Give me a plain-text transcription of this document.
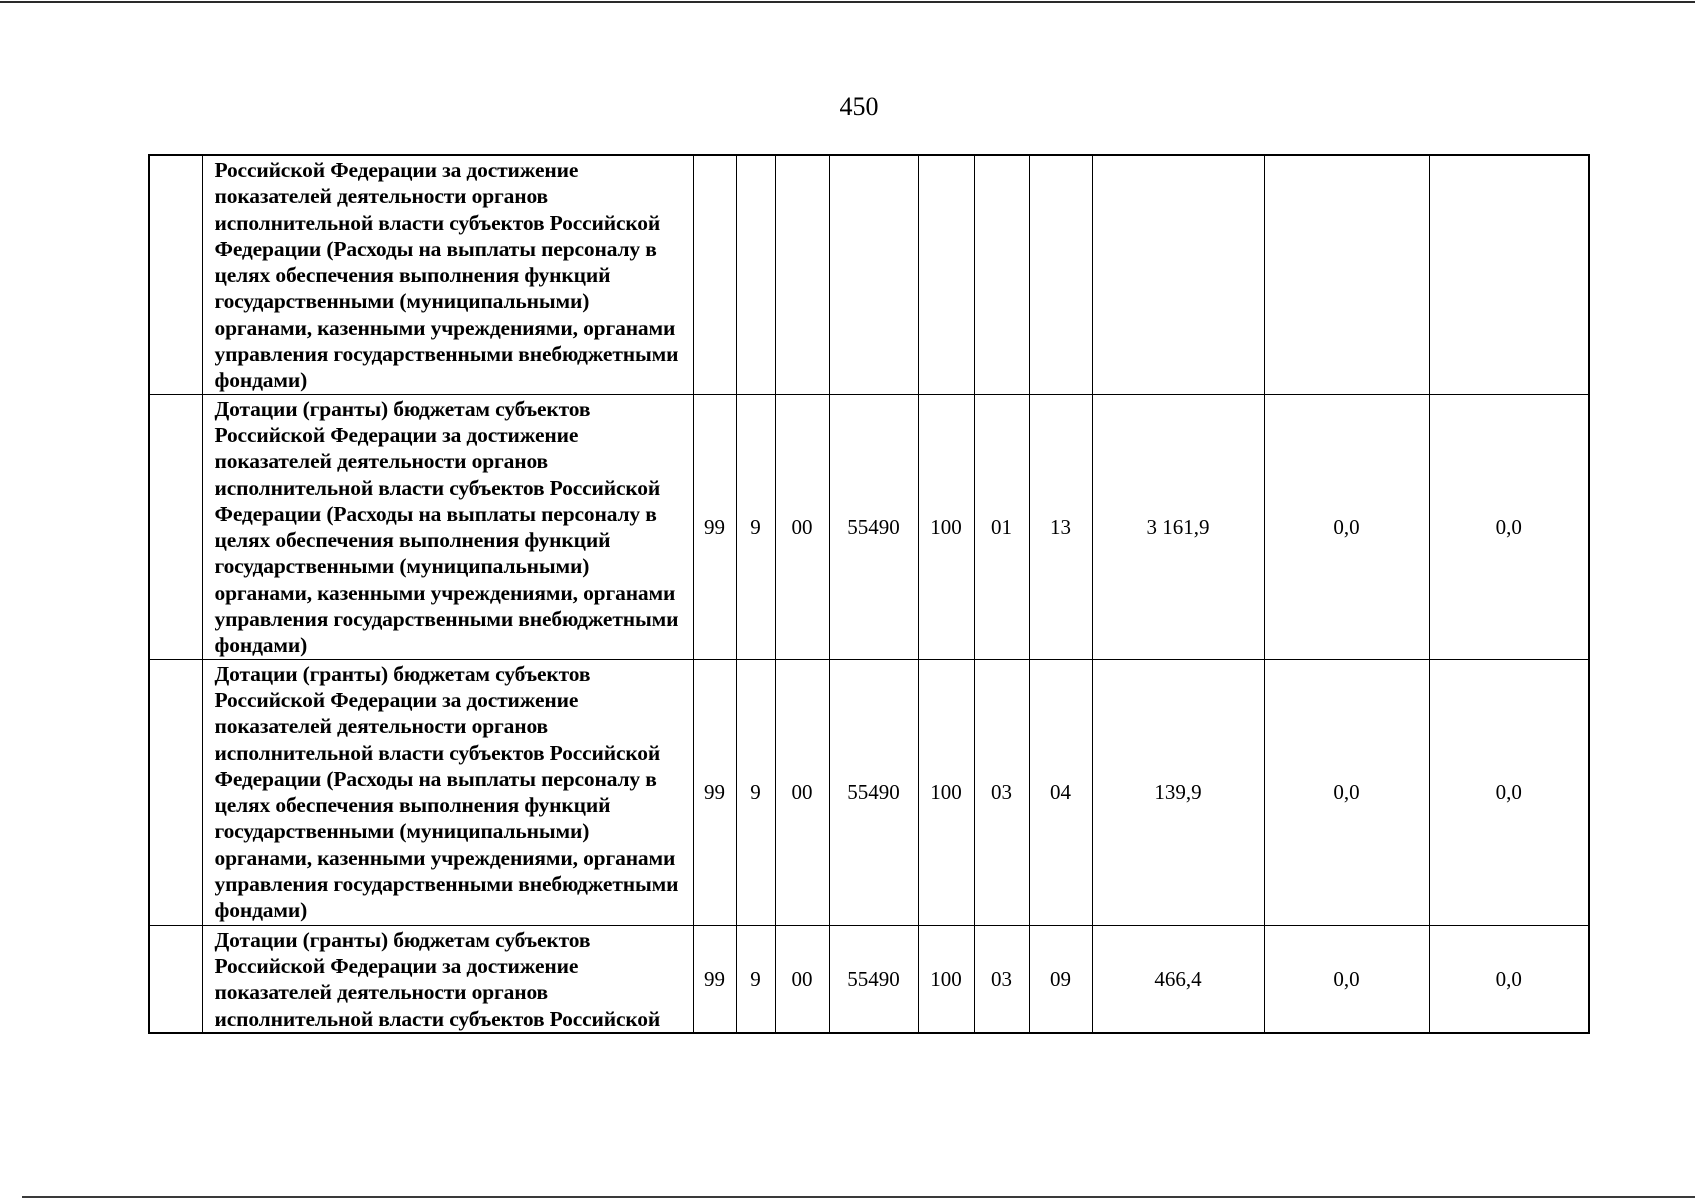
450
	Российской Федерации за достижение показателей деятельности органов исполнительной власти субъектов Российской Федерации (Расходы на выплаты персоналу в целях обеспечения выполнения функций государственными (муниципальными) органами, казенными учреждениями, органами управления государственными внебюджетными фондами)										
	Дотации (гранты) бюджетам субъектов Российской Федерации за достижение показателей деятельности органов исполнительной власти субъектов Российской Федерации (Расходы на выплаты персоналу в целях обеспечения выполнения функций государственными (муниципальными) органами, казенными учреждениями, органами управления государственными внебюджетными фондами)	99	9	00	55490	100	01	13	3 161,9	0,0	0,0
	Дотации (гранты) бюджетам субъектов Российской Федерации за достижение показателей деятельности органов исполнительной власти субъектов Российской Федерации (Расходы на выплаты персоналу в целях обеспечения выполнения функций государственными (муниципальными) органами, казенными учреждениями, органами управления государственными внебюджетными фондами)	99	9	00	55490	100	03	04	139,9	0,0	0,0
	Дотации (гранты) бюджетам субъектов Российской Федерации за достижение показателей деятельности органов исполнительной власти субъектов Российской	99	9	00	55490	100	03	09	466,4	0,0	0,0
